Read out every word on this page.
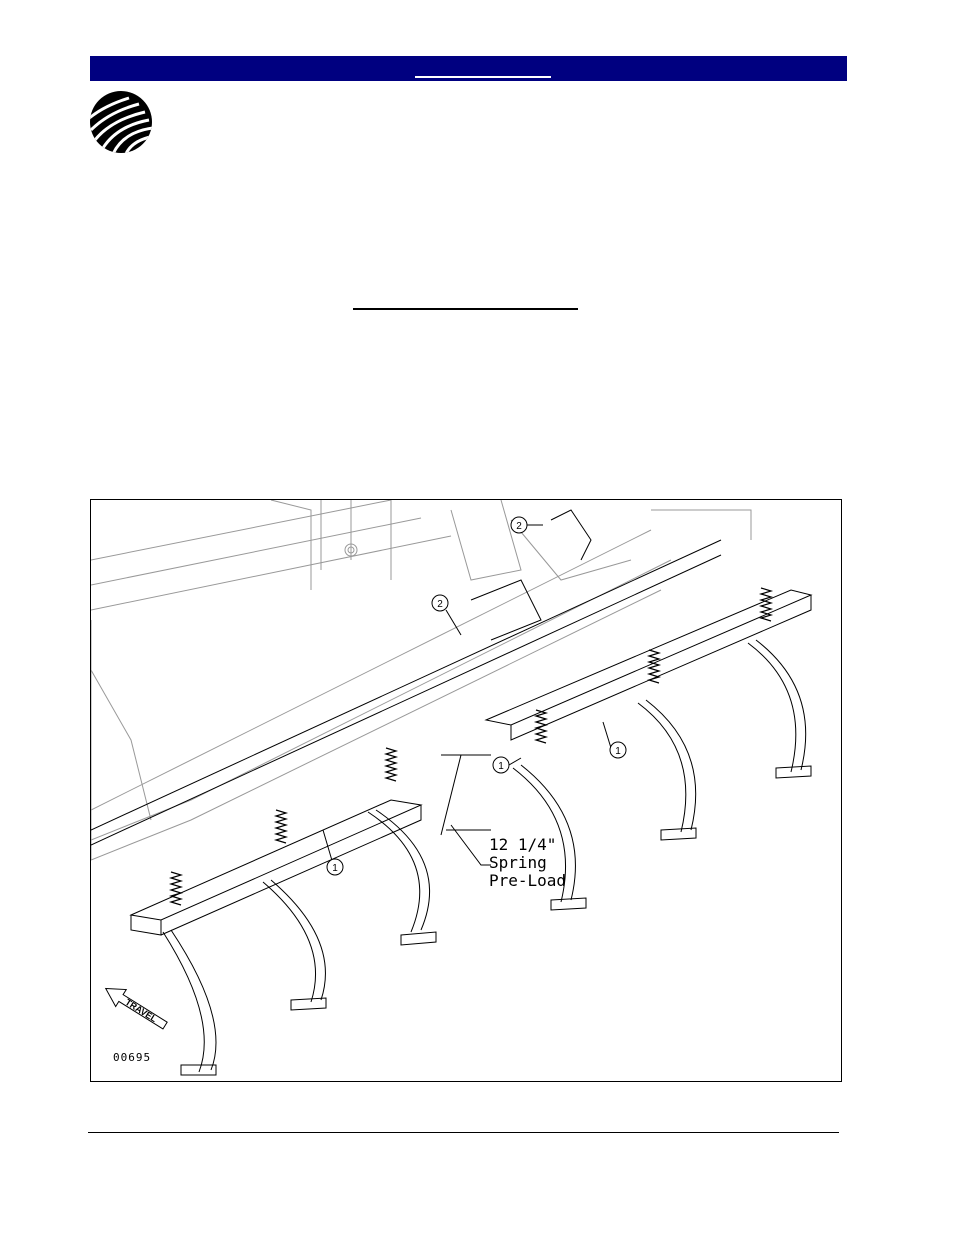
2
2
1
1
1
12 1/4"
Spring
Pre-Load
TRAVEL
00695
